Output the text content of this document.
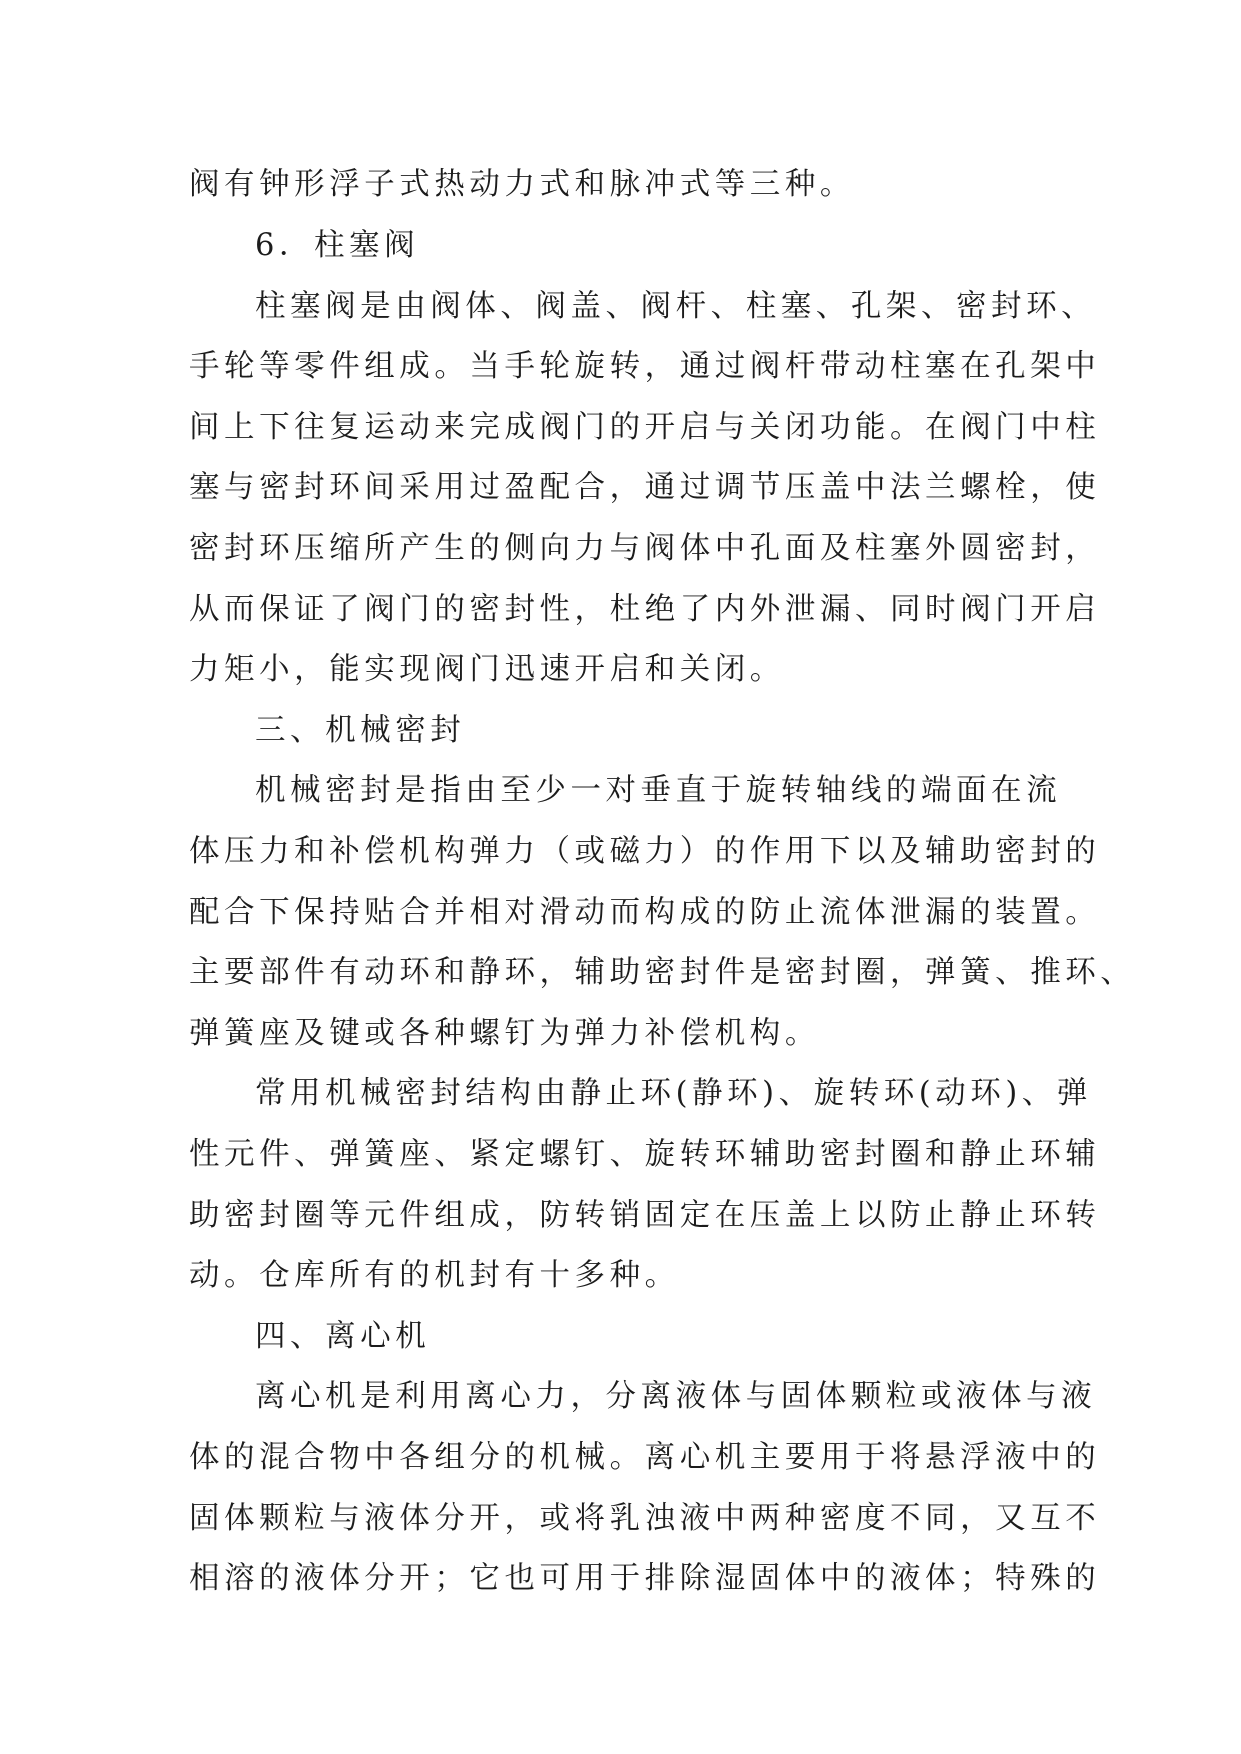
阀有钟形浮子式热动力式和脉冲式等三种。
6．柱塞阀
柱塞阀是由阀体、阀盖、阀杆、柱塞、孔架、密封环、
手轮等零件组成。当手轮旋转，通过阀杆带动柱塞在孔架中
间上下往复运动来完成阀门的开启与关闭功能。在阀门中柱
塞与密封环间采用过盈配合，通过调节压盖中法兰螺栓，使
密封环压缩所产生的侧向力与阀体中孔面及柱塞外圆密封，
从而保证了阀门的密封性，杜绝了内外泄漏、同时阀门开启
力矩小，能实现阀门迅速开启和关闭。
三、机械密封
机械密封是指由至少一对垂直于旋转轴线的端面在流
体压力和补偿机构弹力（或磁力）的作用下以及辅助密封的
配合下保持贴合并相对滑动而构成的防止流体泄漏的装置。
主要部件有动环和静环，辅助密封件是密封圈，弹簧、推环、
弹簧座及键或各种螺钉为弹力补偿机构。
常用机械密封结构由静止环(静环)、旋转环(动环)、弹
性元件、弹簧座、紧定螺钉、旋转环辅助密封圈和静止环辅
助密封圈等元件组成，防转销固定在压盖上以防止静止环转
动。仓库所有的机封有十多种。
四、离心机
离心机是利用离心力，分离液体与固体颗粒或液体与液
体的混合物中各组分的机械。离心机主要用于将悬浮液中的
固体颗粒与液体分开，或将乳浊液中两种密度不同，又互不
相溶的液体分开；它也可用于排除湿固体中的液体；特殊的
